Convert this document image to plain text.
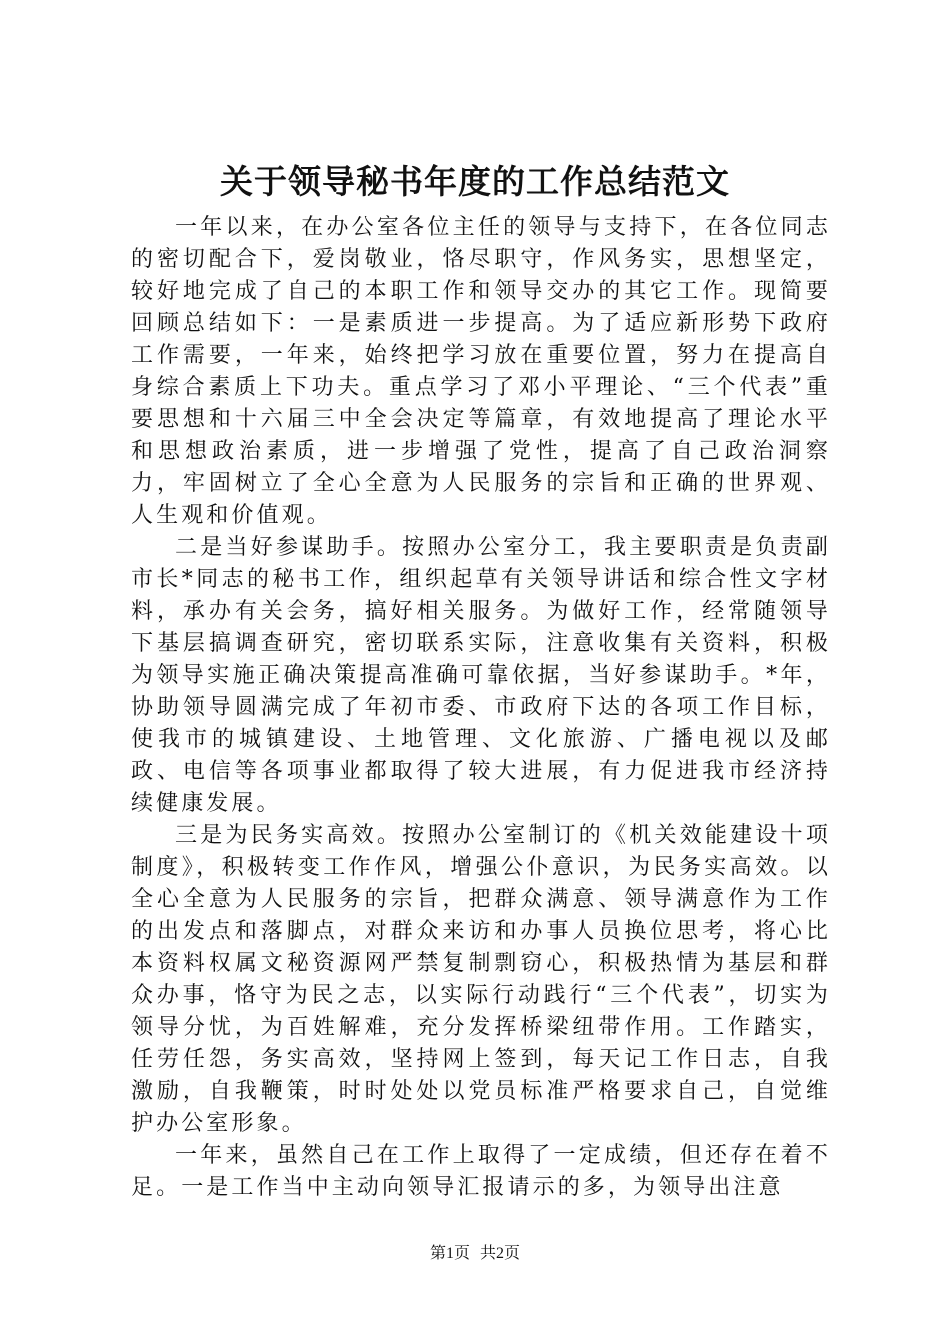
关于领导秘书年度的工作总结范文

一年以来，在办公室各位主任的领导与支持下，在各位同志的密切配合下，爱岗敬业，恪尽职守，作风务实，思想坚定，较好地完成了自己的本职工作和领导交办的其它工作。现简要回顾总结如下：一是素质进一步提高。为了适应新形势下政府工作需要，一年来，始终把学习放在重要位置，努力在提高自身综合素质上下功夫。重点学习了邓小平理论、“三个代表”重要思想和十六届三中全会决定等篇章，有效地提高了理论水平和思想政治素质，进一步增强了党性，提高了自己政治洞察力，牢固树立了全心全意为人民服务的宗旨和正确的世界观、人生观和价值观。

二是当好参谋助手。按照办公室分工，我主要职责是负责副市长*同志的秘书工作，组织起草有关领导讲话和综合性文字材料，承办有关会务，搞好相关服务。为做好工作，经常随领导下基层搞调查研究，密切联系实际，注意收集有关资料，积极为领导实施正确决策提高准确可靠依据，当好参谋助手。*年，协助领导圆满完成了年初市委、市政府下达的各项工作目标，使我市的城镇建设、土地管理、文化旅游、广播电视以及邮政、电信等各项事业都取得了较大进展，有力促进我市经济持续健康发展。

三是为民务实高效。按照办公室制订的《机关效能建设十项制度》，积极转变工作作风，增强公仆意识，为民务实高效。以全心全意为人民服务的宗旨，把群众满意、领导满意作为工作的出发点和落脚点，对群众来访和办事人员换位思考，将心比本资料权属文秘资源网严禁复制剽窃心，积极热情为基层和群众办事，恪守为民之志，以实际行动践行“三个代表”，切实为领导分忧，为百姓解难，充分发挥桥梁纽带作用。工作踏实，任劳任怨，务实高效，坚持网上签到，每天记工作日志，自我激励，自我鞭策，时时处处以党员标准严格要求自己，自觉维护办公室形象。

一年来，虽然自己在工作上取得了一定成绩，但还存在着不足。一是工作当中主动向领导汇报请示的多，为领导出注意

第1页 共2页
